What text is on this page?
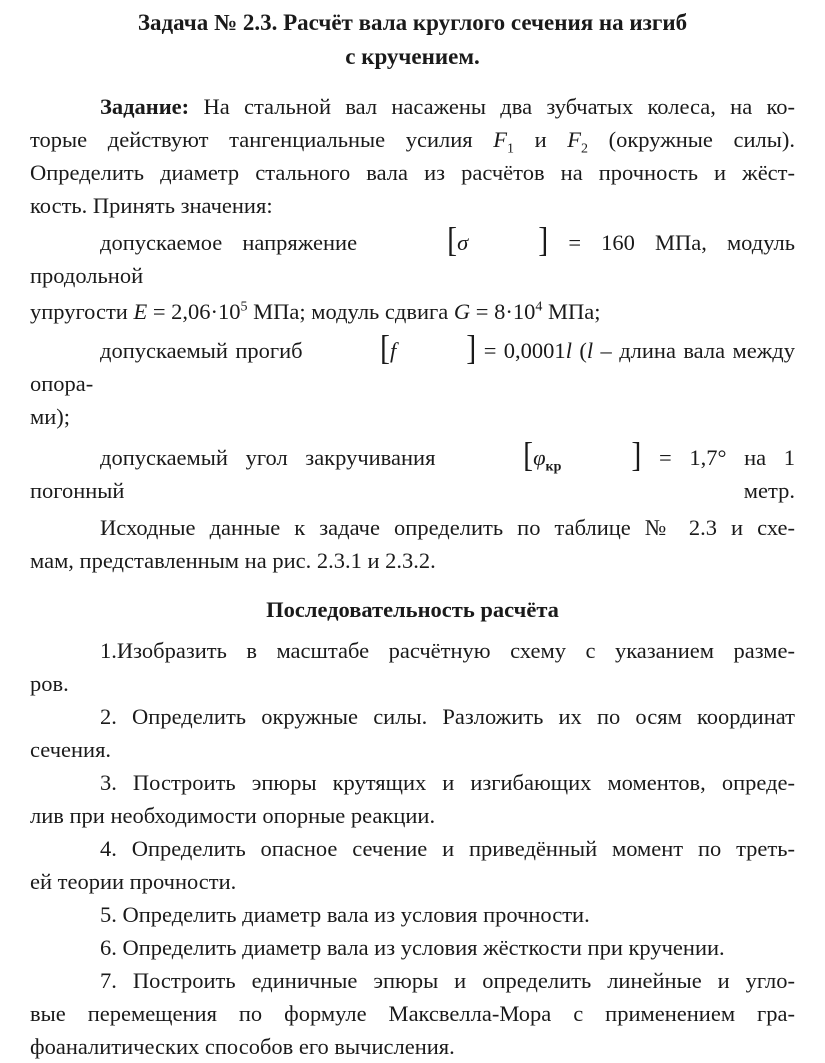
Задача № 2.3. Расчёт вала круглого сечения на изгиб
с кручением.

Задание: На стальной вал насажены два зубчатых колеса, на ко-

торые действуют тангенциальные усилия $F_1$ и $F_2$ (окружные силы).

Определить диаметр стального вала из расчётов на прочность и жёст-

кость. Принять значения:

допускаемое напряжение [σ ] = 160 МПа, модуль продольной

упругости $E = 2,06\cdot 10^5$ МПа; модуль сдвига $G = 8\cdot 10^4$ МПа;

допускаемый прогиб [f ] = 0,0001l (l – длина вала между опора-

ми);

допускаемый угол закручивания [$\varphi_{кр}$ ] = 1,7° на 1 погонный метр.

Исходные данные к задаче определить по таблице № 2.3 и схе-

мам, представленным на рис. 2.3.1 и 2.3.2.

Последовательность расчёта

1.Изобразить в масштабе расчётную схему с указанием разме-

ров.

2. Определить окружные силы. Разложить их по осям координат

сечения.

3. Построить эпюры крутящих и изгибающих моментов, опреде-

лив при необходимости опорные реакции.

4. Определить опасное сечение и приведённый момент по треть-

ей теории прочности.

5. Определить диаметр вала из условия прочности.

6. Определить диаметр вала из условия жёсткости при кручении.

7. Построить единичные эпюры и определить линейные и угло-

вые перемещения по формуле Максвелла-Мора с применением гра-

фоаналитических способов его вычисления.
